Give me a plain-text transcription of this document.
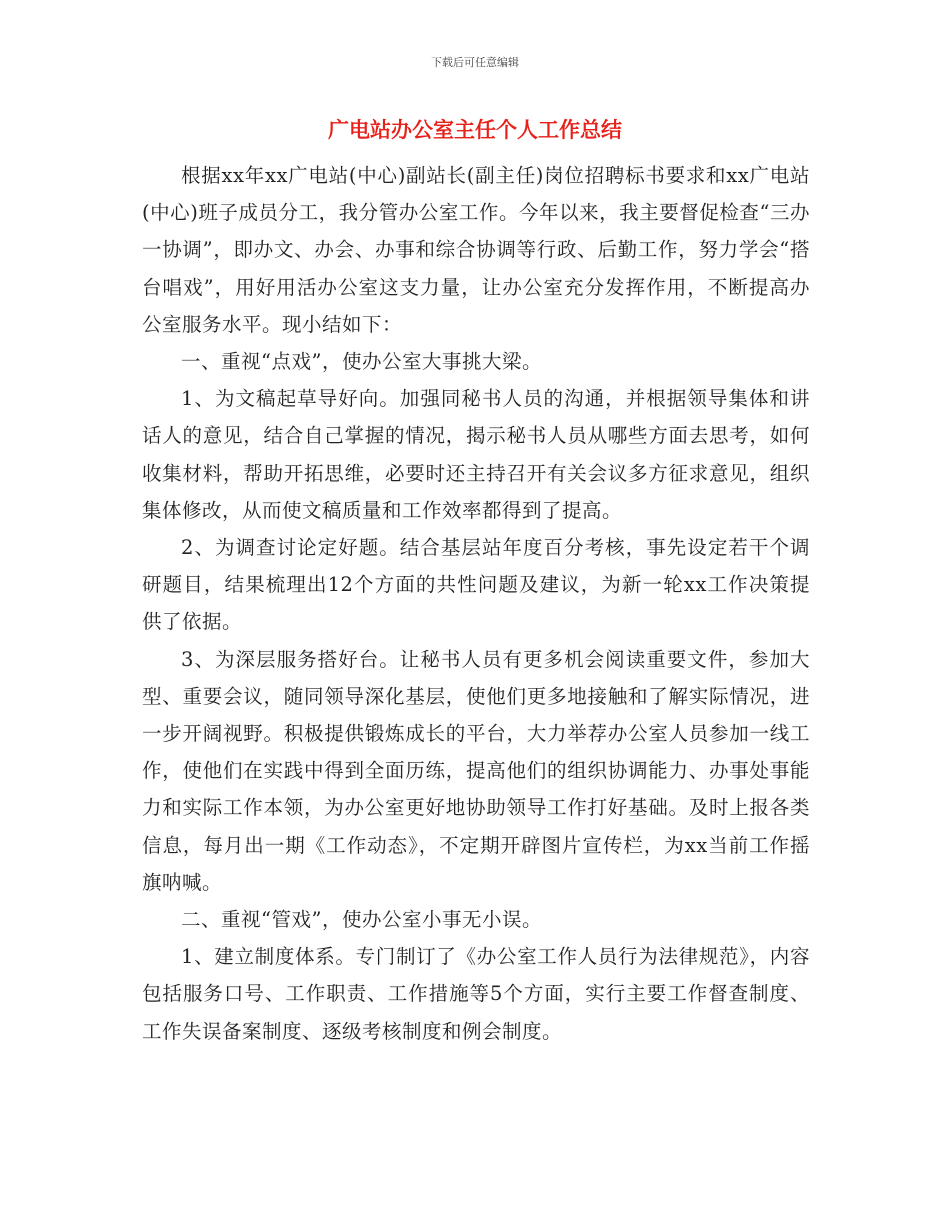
下载后可任意编辑
广电站办公室主任个人工作总结

根据xx年xx广电站(中心)副站长(副主任)岗位招聘标书要求和xx广电站(中心)班子成员分工，我分管办公室工作。今年以来，我主要督促检查“三办一协调”，即办文、办会、办事和综合协调等行政、后勤工作，努力学会“搭台唱戏”，用好用活办公室这支力量，让办公室充分发挥作用，不断提高办公室服务水平。现小结如下：

一、重视“点戏”，使办公室大事挑大梁。

1、为文稿起草导好向。加强同秘书人员的沟通，并根据领导集体和讲话人的意见，结合自己掌握的情况，揭示秘书人员从哪些方面去思考，如何收集材料，帮助开拓思维，必要时还主持召开有关会议多方征求意见，组织集体修改，从而使文稿质量和工作效率都得到了提高。

2、为调查讨论定好题。结合基层站年度百分考核，事先设定若干个调研题目，结果梳理出12个方面的共性问题及建议，为新一轮xx工作决策提供了依据。

3、为深层服务搭好台。让秘书人员有更多机会阅读重要文件，参加大型、重要会议，随同领导深化基层，使他们更多地接触和了解实际情况，进一步开阔视野。积极提供锻炼成长的平台，大力举荐办公室人员参加一线工作，使他们在实践中得到全面历练，提高他们的组织协调能力、办事处事能力和实际工作本领，为办公室更好地协助领导工作打好基础。及时上报各类信息，每月出一期《工作动态》，不定期开辟图片宣传栏，为xx当前工作摇旗呐喊。

二、重视“管戏”，使办公室小事无小误。

1、建立制度体系。专门制订了《办公室工作人员行为法律规范》，内容包括服务口号、工作职责、工作措施等5个方面，实行主要工作督查制度、工作失误备案制度、逐级考核制度和例会制度。
